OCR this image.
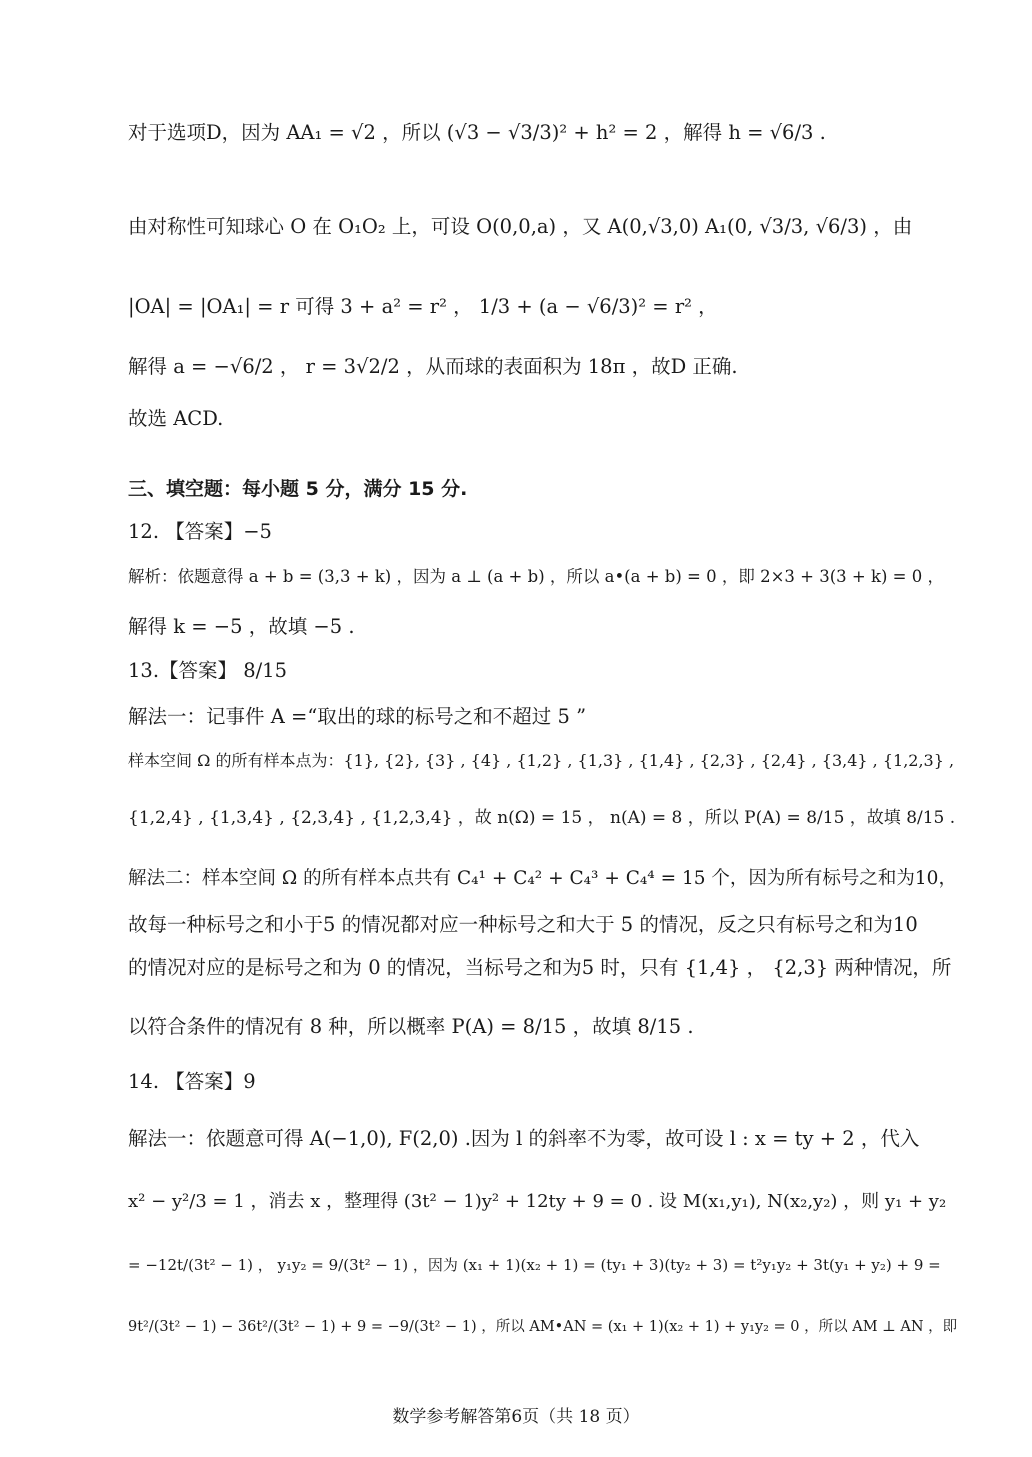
对于选项D，因为 AA₁ = √2 ，所以 (√3 − √3/3)² + h² = 2 ，解得 h = √6/3 .
由对称性可知球心 O 在 O₁O₂ 上，可设 O(0,0,a) ，又 A(0,√3,0) A₁(0, √3/3, √6/3) ，由
|OA| = |OA₁| = r 可得 3 + a² = r² ， 1/3 + (a − √6/3)² = r² ，
解得 a = −√6/2 ， r = 3√2/2 ，从而球的表面积为 18π ，故D 正确.
故选 ACD.
三、填空题：每小题 5 分，满分 15 分.
12. 【答案】−5
解析：依题意得 a + b = (3,3 + k) ，因为 a ⊥ (a + b) ，所以 a•(a + b) = 0 ，即 2×3 + 3(3 + k) = 0 ，
解得 k = −5 ，故填 −5 .
13.【答案】 8/15
解法一：记事件 A =“取出的球的标号之和不超过 5 ”
样本空间 Ω 的所有样本点为：{1}, {2}, {3} , {4} , {1,2} , {1,3} , {1,4} , {2,3} , {2,4} , {3,4} , {1,2,3} ,
{1,2,4} , {1,3,4} , {2,3,4} , {1,2,3,4} ，故 n(Ω) = 15 ， n(A) = 8 ，所以 P(A) = 8/15 ，故填 8/15 .
解法二：样本空间 Ω 的所有样本点共有 C₄¹ + C₄² + C₄³ + C₄⁴ = 15 个，因为所有标号之和为10，
故每一种标号之和小于5 的情况都对应一种标号之和大于 5 的情况，反之只有标号之和为10
的情况对应的是标号之和为 0 的情况，当标号之和为5 时，只有 {1,4} ， {2,3} 两种情况，所
以符合条件的情况有 8 种，所以概率 P(A) = 8/15 ，故填 8/15 .
14. 【答案】9
解法一：依题意可得 A(−1,0), F(2,0) .因为 l 的斜率不为零，故可设 l : x = ty + 2 ，代入
x² − y²/3 = 1 ，消去 x ，整理得 (3t² − 1)y² + 12ty + 9 = 0 . 设 M(x₁,y₁), N(x₂,y₂) ，则 y₁ + y₂
= −12t/(3t² − 1) ， y₁y₂ = 9/(3t² − 1) ，因为 (x₁ + 1)(x₂ + 1) = (ty₁ + 3)(ty₂ + 3) = t²y₁y₂ + 3t(y₁ + y₂) + 9 =
9t²/(3t² − 1) − 36t²/(3t² − 1) + 9 = −9/(3t² − 1) ，所以 AM•AN = (x₁ + 1)(x₂ + 1) + y₁y₂ = 0 ，所以 AM ⊥ AN ，即
数学参考解答第6页（共 18 页）
